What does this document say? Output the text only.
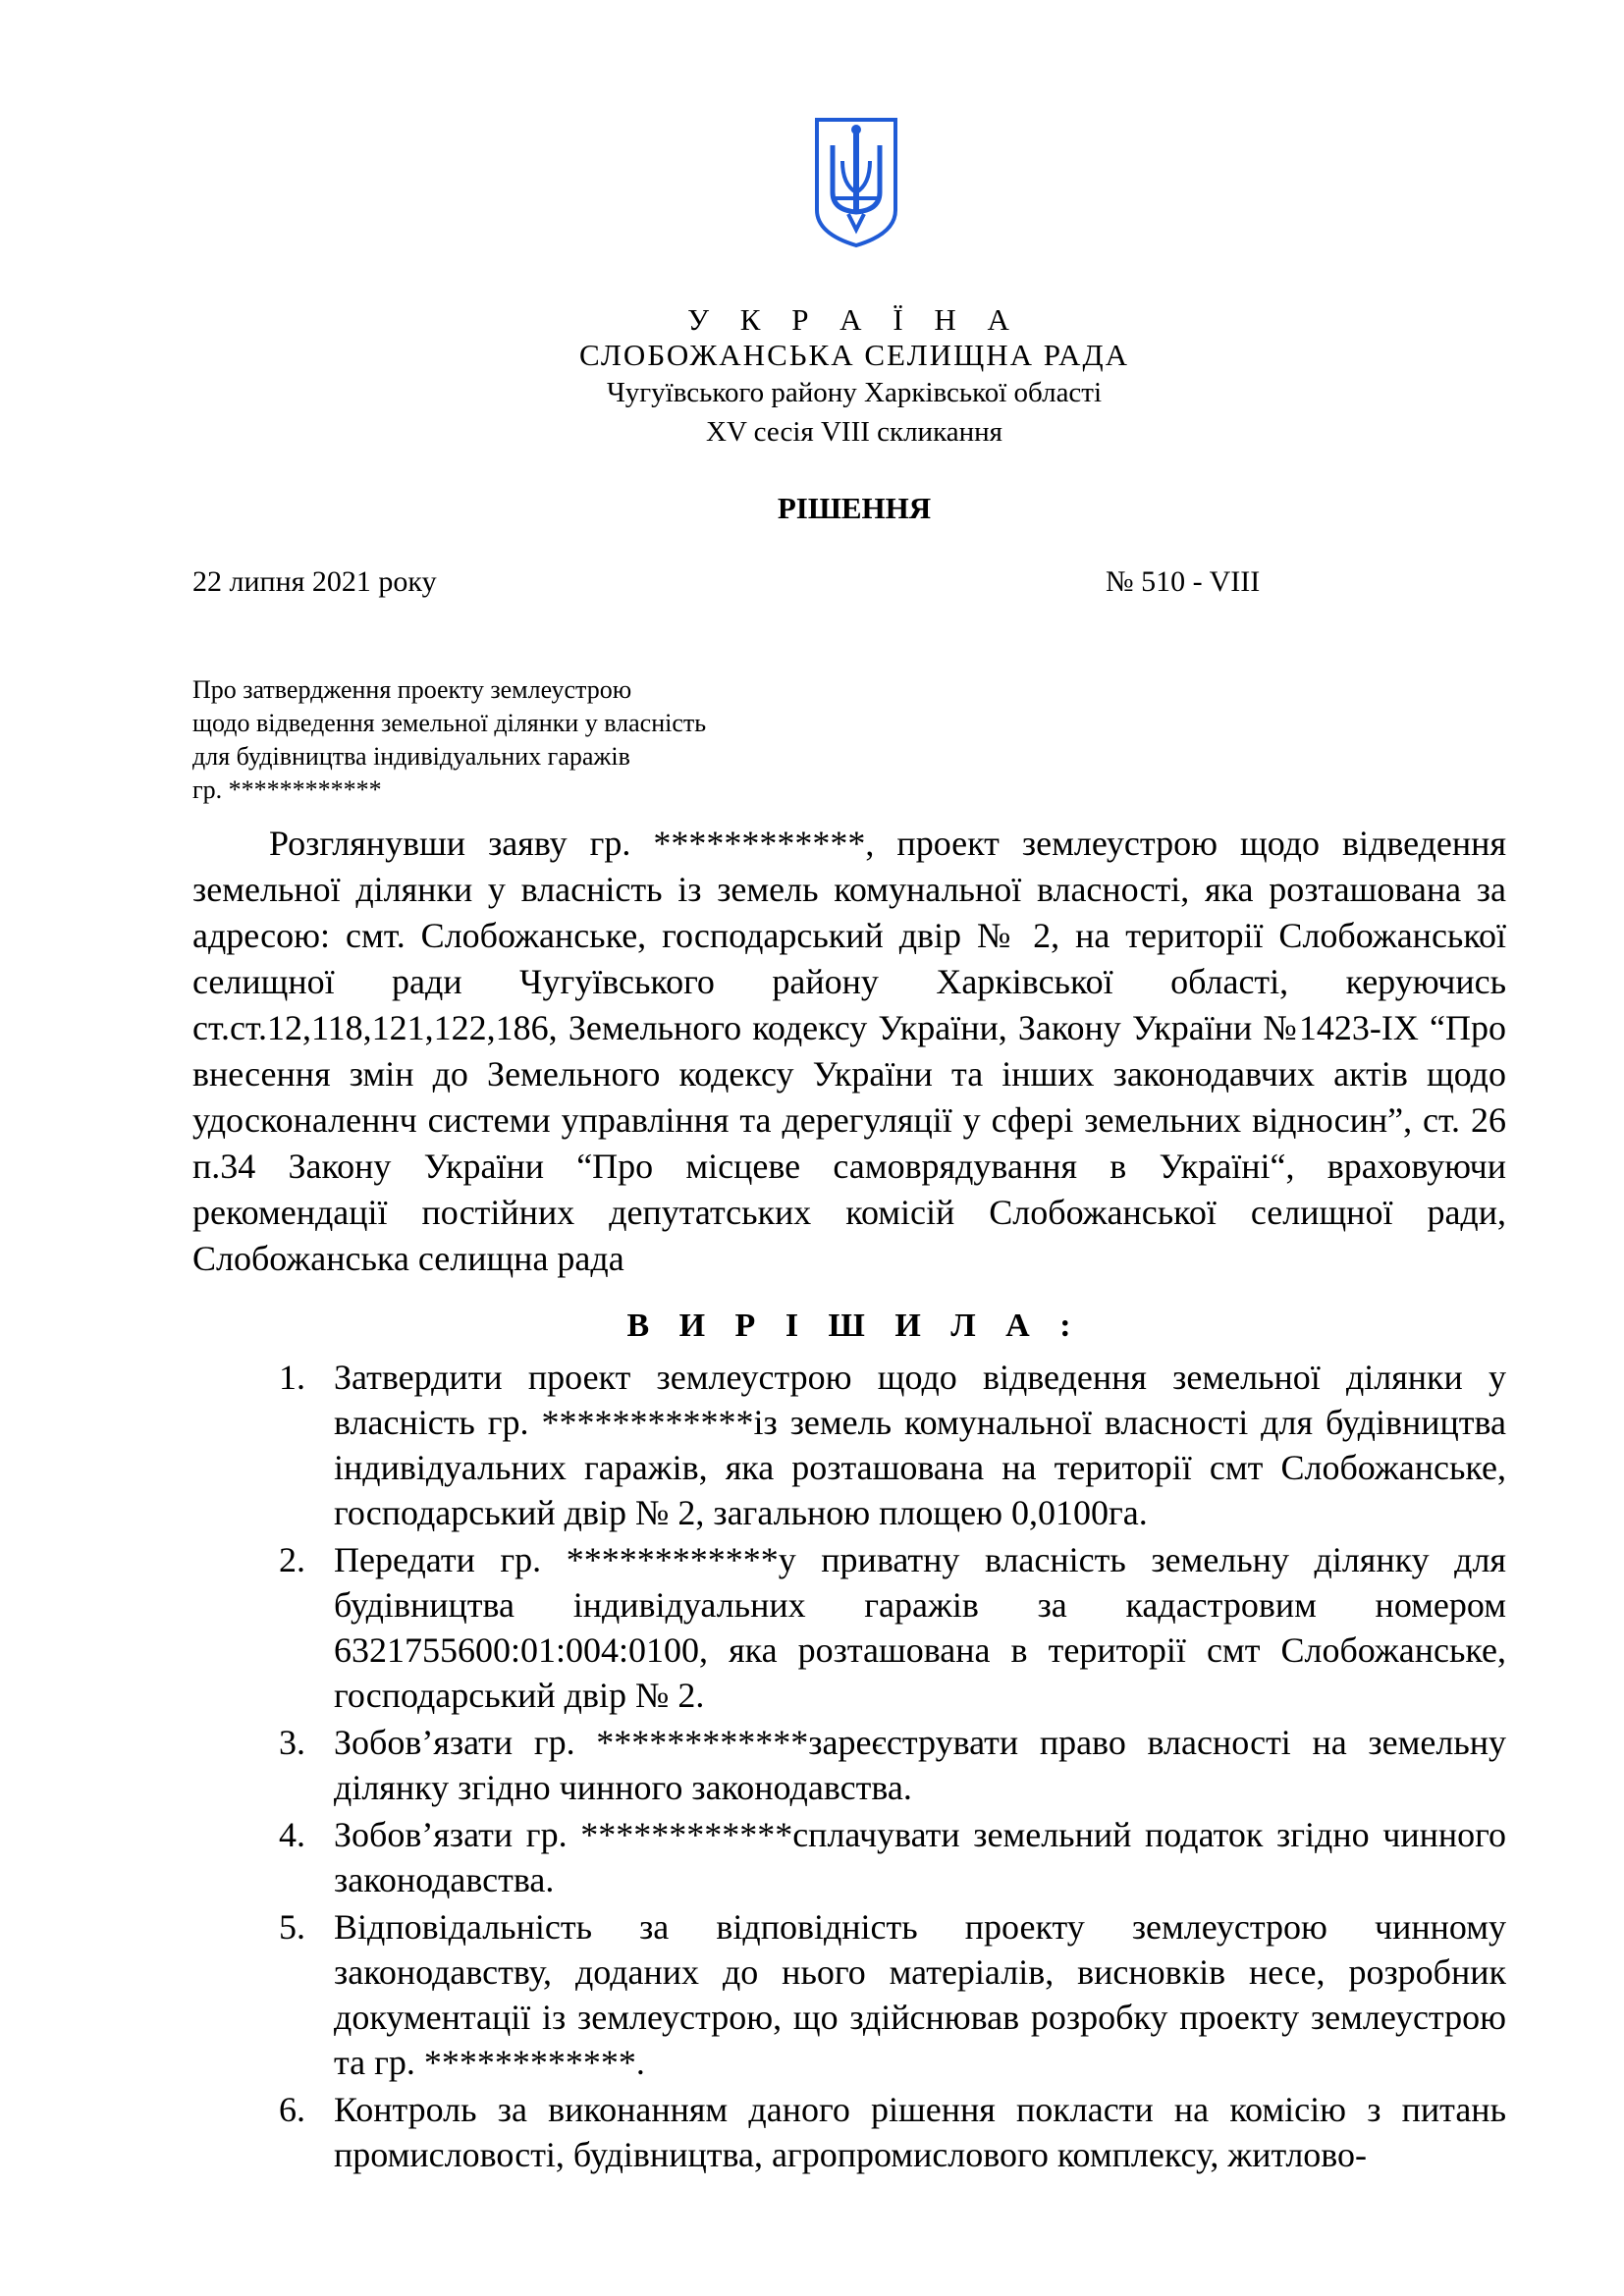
У К Р А Ї Н А
СЛОБОЖАНСЬКА СЕЛИЩНА РАДА
Чугуївського району Харківської області
XV сесія VIII скликання
РІШЕННЯ
22 липня 2021 року	№ 510 - VIII
Про затвердження проекту землеустрою
щодо відведення земельної ділянки у власність
для будівництва індивідуальних гаражів
гр. ************
Розглянувши заяву гр. ************, проект землеустрою щодо відведення земельної ділянки у власність із земель комунальної власності, яка розташована за адресою: смт. Слобожанське, господарський двір № 2, на території Слобожанської селищної ради Чугуївського району Харківської області, керуючись ст.ст.12,118,121,122,186, Земельного кодексу України, Закону України №1423-IX “Про внесення змін до Земельного кодексу України та інших законодавчих актів щодо удосконаленнч системи управління та дерегуляції у сфері земельних відносин”, ст. 26 п.34 Закону України “Про місцеве самоврядування в Україні“, враховуючи рекомендації постійних депутатських комісій Слобожанської селищної ради, Слобожанська селищна рада
В И Р І Ш И Л А :
1. Затвердити проект землеустрою щодо відведення земельної ділянки у власність гр. ************із земель комунальної власності для будівництва індивідуальних гаражів, яка розташована на території смт Слобожанське, господарський двір № 2, загальною площею 0,0100га.
2. Передати гр. ************у приватну власність земельну ділянку для будівництва індивідуальних гаражів за кадастровим номером 6321755600:01:004:0100, яка розташована в території смт Слобожанське, господарський двір № 2.
3. Зобов’язати гр. ************зареєструвати право власності на земельну ділянку згідно чинного законодавства.
4. Зобов’язати гр. ************сплачувати земельний податок згідно чинного законодавства.
5. Відповідальність за відповідність проекту землеустрою чинному законодавству, доданих до нього матеріалів, висновків несе, розробник документації із землеустрою, що здійснював розробку проекту землеустрою та гр. ************.
6. Контроль за виконанням даного рішення покласти на комісію з питань промисловості, будівництва, агропромислового комплексу, житлово-
